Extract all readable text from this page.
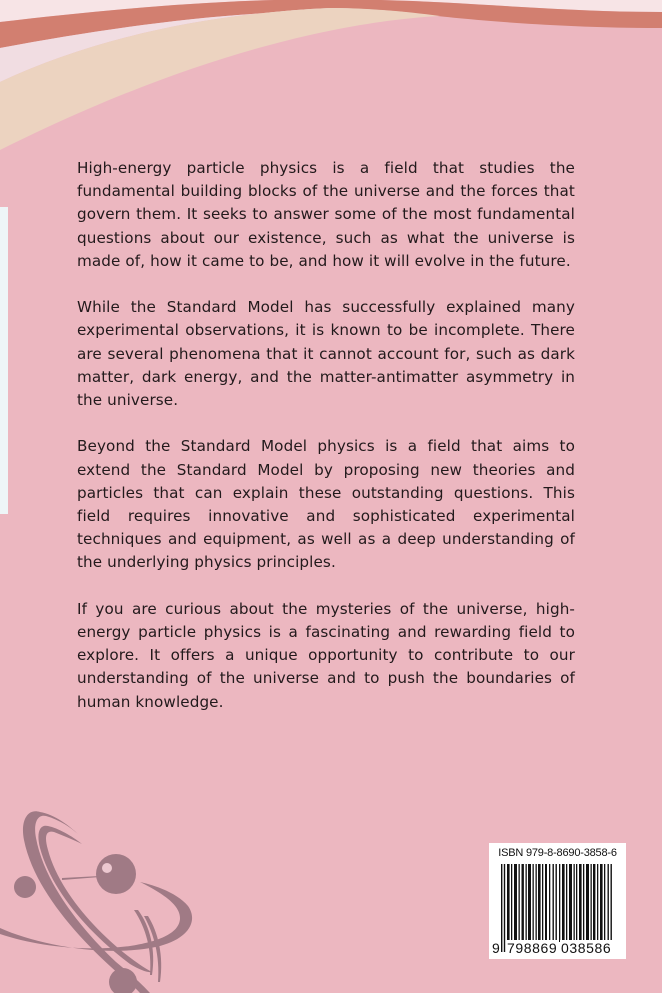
High-energy particle physics is a field that studies the fundamental building blocks of the universe and the forces that govern them. It seeks to answer some of the most fundamental questions about our existence, such as what the universe is made of, how it came to be, and how it will evolve in the future.

While the Standard Model has successfully explained many experimental observations, it is known to be incomplete. There are several phenomena that it cannot account for, such as dark matter, dark energy, and the matter-antimatter asymmetry in the universe.

Beyond the Standard Model physics is a field that aims to extend the Standard Model by proposing new theories and particles that can explain these outstanding questions. This field requires innovative and sophisticated experimental techniques and equipment, as well as a deep understanding of the underlying physics principles.

If you are curious about the mysteries of the universe, high-energy particle physics is a fascinating and rewarding field to explore. It offers a unique opportunity to contribute to our understanding of the universe and to push the boundaries of human knowledge.

ISBN 979-8-8690-3858-6
9 798869 038586
